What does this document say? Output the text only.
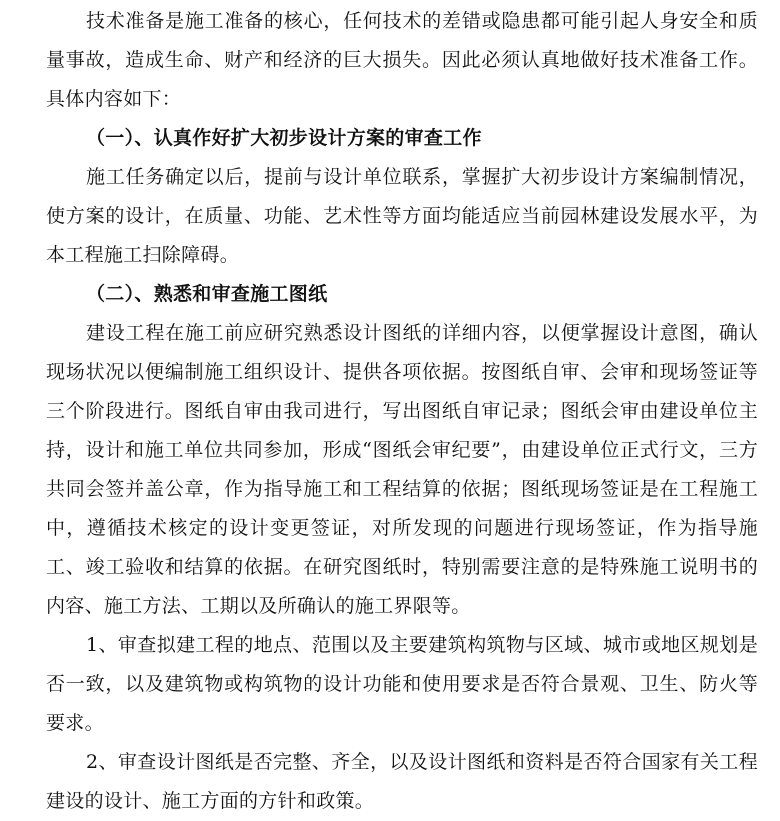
技术准备是施工准备的核心，任何技术的差错或隐患都可能引起人身安全和质量事故，造成生命、财产和经济的巨大损失。因此必须认真地做好技术准备工作。具体内容如下：

（一）、认真作好扩大初步设计方案的审查工作

施工任务确定以后，提前与设计单位联系，掌握扩大初步设计方案编制情况，使方案的设计，在质量、功能、艺术性等方面均能适应当前园林建设发展水平，为本工程施工扫除障碍。

（二）、熟悉和审查施工图纸

建设工程在施工前应研究熟悉设计图纸的详细内容，以便掌握设计意图，确认现场状况以便编制施工组织设计、提供各项依据。按图纸自审、会审和现场签证等三个阶段进行。图纸自审由我司进行，写出图纸自审记录；图纸会审由建设单位主持，设计和施工单位共同参加，形成“图纸会审纪要”，由建设单位正式行文，三方共同会签并盖公章，作为指导施工和工程结算的依据；图纸现场签证是在工程施工中，遵循技术核定的设计变更签证，对所发现的问题进行现场签证，作为指导施工、竣工验收和结算的依据。在研究图纸时，特别需要注意的是特殊施工说明书的内容、施工方法、工期以及所确认的施工界限等。

1、审查拟建工程的地点、范围以及主要建筑构筑物与区域、城市或地区规划是否一致，以及建筑物或构筑物的设计功能和使用要求是否符合景观、卫生、防火等要求。

2、审查设计图纸是否完整、齐全，以及设计图纸和资料是否符合国家有关工程建设的设计、施工方面的方针和政策。
